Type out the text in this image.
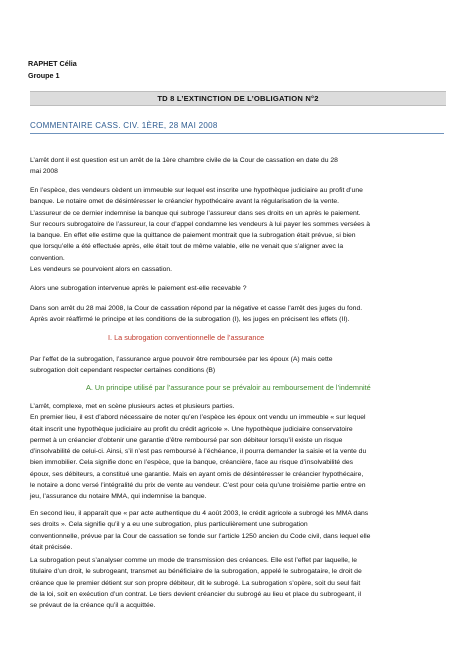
RAPHET Célia
Groupe 1
TD 8 L’EXTINCTION DE L’OBLIGATION N°2
COMMENTAIRE CASS. CIV. 1ÈRE, 28 MAI 2008
L’arrêt dont il est question est un arrêt de la 1ère chambre civile de la Cour de cassation en date du 28
mai 2008
En l’espèce, des vendeurs cèdent un immeuble sur lequel est inscrite une hypothèque judiciaire au profit d’une
banque. Le notaire omet de désintéresser le créancier hypothécaire avant la régularisation de la vente.
L’assureur de ce dernier indemnise la banque qui subroge l’assureur dans ses droits en un après le paiement.
Sur recours subrogatoire de l’assureur, la cour d’appel condamne les vendeurs à lui payer les sommes versées à
la banque. En effet elle estime que la quittance de paiement montrait que la subrogation était prévue, si bien
que lorsqu’elle a été effectuée après, elle était tout de même valable, elle ne venait que s’aligner avec la
convention.
Les vendeurs se pourvoient alors en cassation.
Alors une subrogation intervenue après le paiement est-elle recevable ?
Dans son arrêt du 28 mai 2008, la Cour de cassation répond par la négative et casse l’arrêt des juges du fond.
Après avoir réaffirmé le principe et les conditions de la subrogation (I), les juges en précisent les effets (II).
I. La subrogation conventionnelle de l’assurance
Par l’effet de la subrogation, l’assurance argue pouvoir être remboursée par les époux (A) mais cette
subrogation doit cependant respecter certaines conditions (B)
A. Un principe utilisé par l’assurance pour se prévaloir au remboursement de l’indemnité
L’arrêt, complexe, met en scène plusieurs actes et plusieurs parties.
En premier lieu, il est d’abord nécessaire de noter qu’en l’espèce les époux ont vendu un immeuble « sur lequel
était inscrit une hypothèque judiciaire au profit du crédit agricole ». Une hypothèque judiciaire conservatoire
permet à un créancier d’obtenir une garantie d’être remboursé par son débiteur lorsqu’il existe un risque
d’insolvabilité de celui-ci. Ainsi, s’il n’est pas remboursé à l’échéance, il pourra demander la saisie et la vente du
bien immobilier. Cela signifie donc en l’espèce, que la banque, créancière, face au risque d’insolvabilité des
époux, ses débiteurs, a constitué une garantie. Mais en ayant omis de désintéresser le créancier hypothécaire,
le notaire a donc versé l’intégralité du prix de vente au vendeur. C’est pour cela qu’une troisième partie entre en
jeu, l’assurance du notaire MMA, qui indemnise la banque.
En second lieu, il apparaît que « par acte authentique du 4 août 2003, le crédit agricole a subrogé les MMA dans
ses droits ». Cela signifie qu’il y a eu une subrogation, plus particulièrement une subrogation
conventionnelle, prévue par la Cour de cassation se fonde sur l’article 1250 ancien du Code civil, dans lequel elle
était précisée.
La subrogation peut s’analyser comme un mode de transmission des créances. Elle est l’effet par laquelle, le
titulaire d’un droit, le subrogeant, transmet au bénéficiaire de la subrogation, appelé le subrogataire, le droit de
créance que le premier détient sur son propre débiteur, dit le subrogé. La subrogation s’opère, soit du seul fait
de la loi, soit en exécution d’un contrat. Le tiers devient créancier du subrogé au lieu et place du subrogeant, il
se prévaut de la créance qu’il a acquittée.
